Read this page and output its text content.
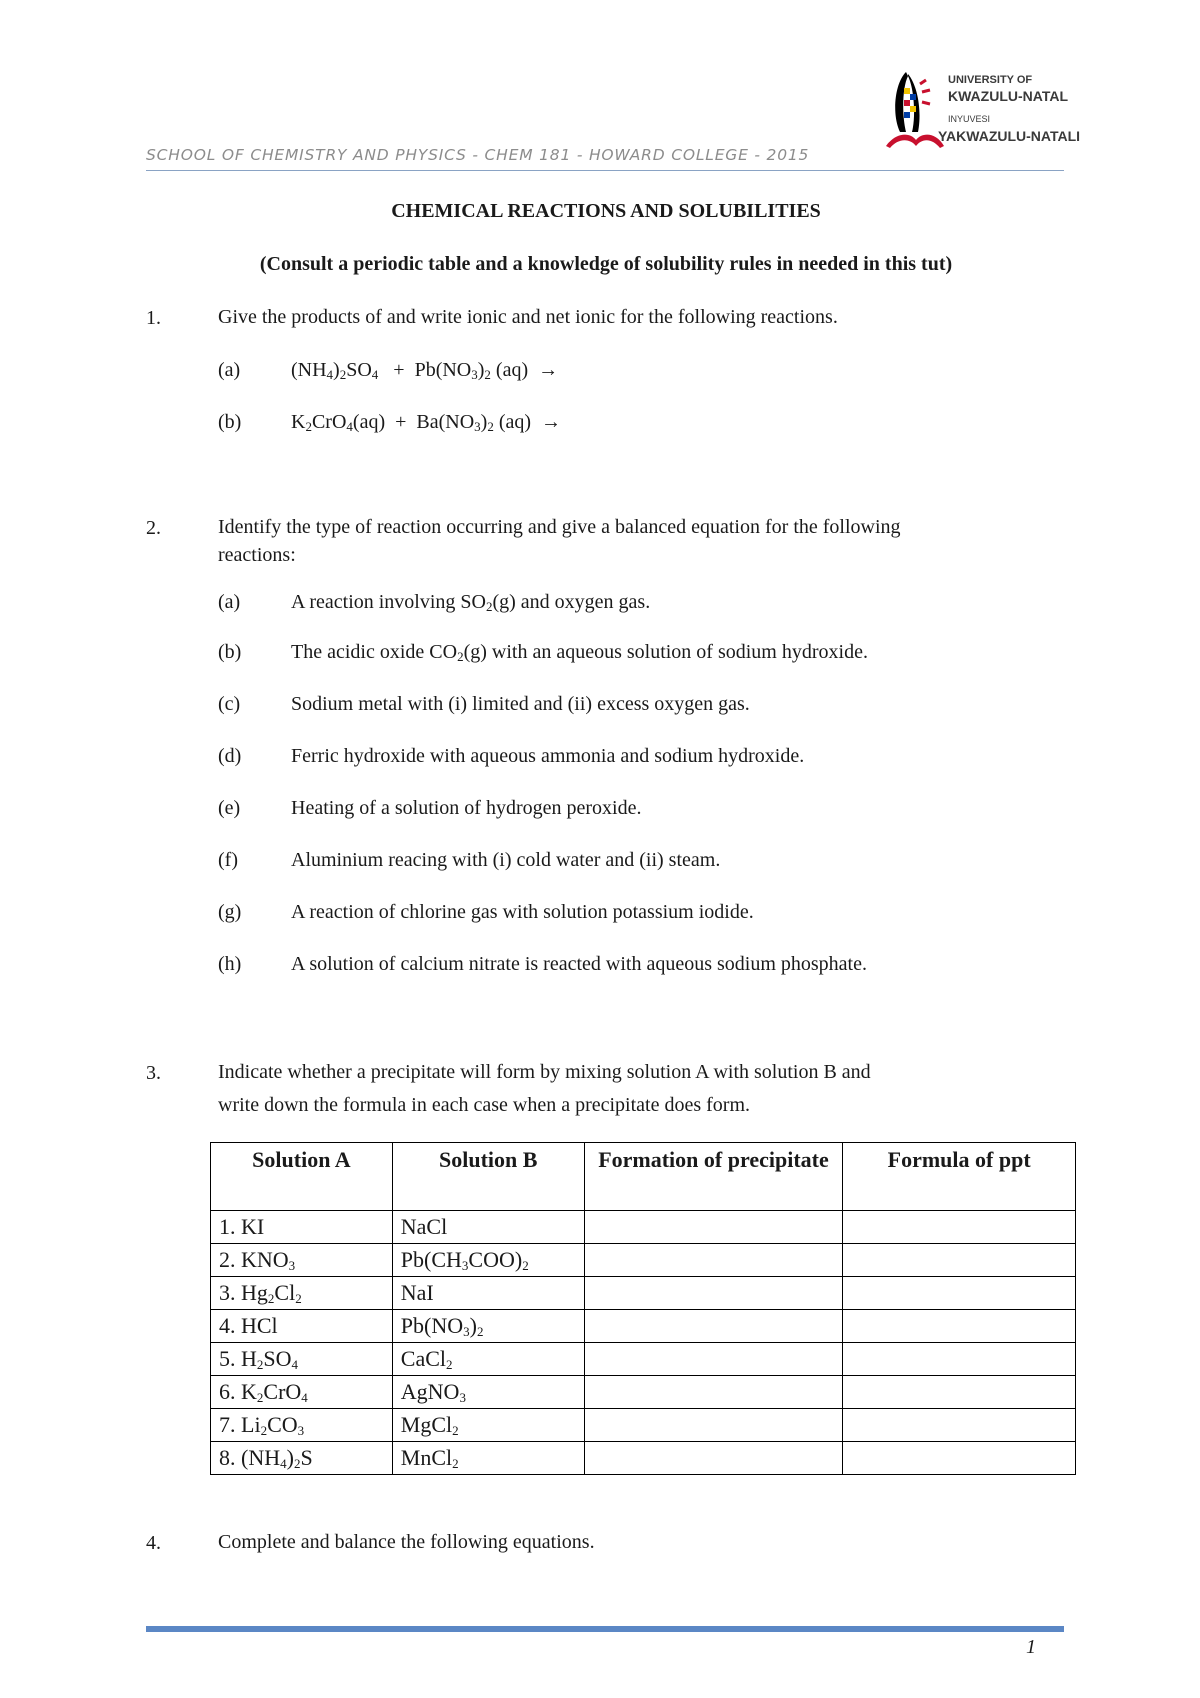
UNIVERSITY OF
KWAZULU-NATAL
INYUVESI
YAKWAZULU-NATALI
SCHOOL OF CHEMISTRY AND PHYSICS - CHEM 181 - HOWARD COLLEGE - 2015
CHEMICAL REACTIONS AND SOLUBILITIES
(Consult a periodic table and a knowledge of solubility rules in needed in this tut)
1.	Give the products of and write ionic and net ionic for the following reactions.
(a)	$(NH_4)_2SO_4 + Pb(NO_3)_2$ (aq)  →
(b) $K_2CrO_4(aq) + Ba(NO_3)_2$ (aq)  →
2.	Identify the type of reaction occurring and give a balanced equation for the following
reactions:
(a)	A reaction involving $SO_2(g)$ and oxygen gas.
(b) The acidic oxide $CO_2(g)$ with an aqueous solution of sodium hydroxide.
(c)	Sodium metal with (i) limited and (ii) excess oxygen gas.
(d) Ferric hydroxide with aqueous ammonia and sodium hydroxide.
(e)	Heating of a solution of hydrogen peroxide.
(f)	Aluminium reacing with (i) cold water and (ii) steam.
(g) A reaction of chlorine gas with solution potassium iodide.
(h) A solution of calcium nitrate is reacted with aqueous sodium phosphate.
3.	Indicate whether a precipitate will form by mixing solution A with solution B and
write down the formula in each case when a precipitate does form.
Solution A	Solution B	Formation of precipitate	Formula of ppt
1. KI	NaCl		
2. $KNO_3$	$Pb(CH_3COO)_2$		
3. $Hg_2Cl_2$	NaI		
4. HCl	$Pb(NO_3)_2$		
5. $H_2SO_4$	CaCl$_2$		
6. $K_2CrO_4$	AgNO$_3$		
7. $Li_2CO_3$	MgCl$_2$		
8. $(NH_4)_2S$	MnCl$_2$		
4.	Complete and balance the following equations.
1
